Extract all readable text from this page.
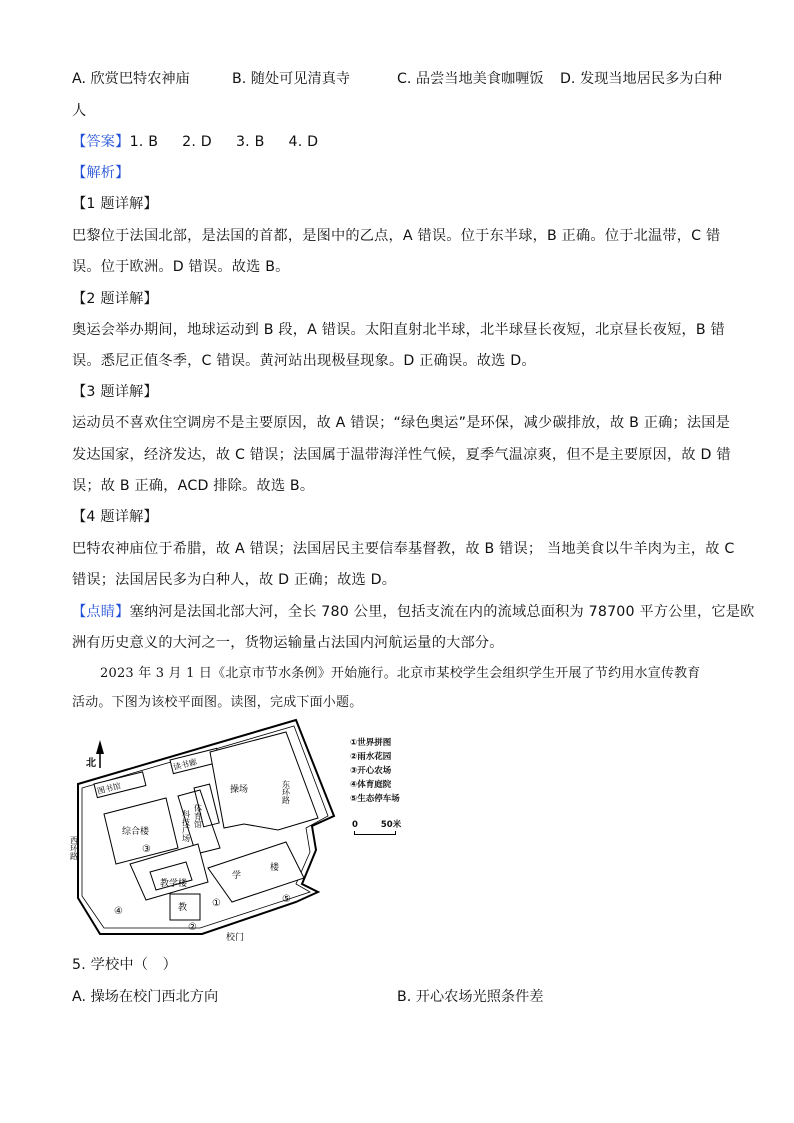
A. 欣赏巴特农神庙	B. 随处可见清真寺	C. 品尝当地美食咖喱饭 D. 发现当地居民多为白种
人
【答案】1. B 2. D 3. B 4. D
【解析】
【1 题详解】
巴黎位于法国北部，是法国的首都，是图中的乙点，A 错误。位于东半球，B 正确。位于北温带，C 错
误。位于欧洲。D 错误。故选 B。
【2 题详解】
奥运会举办期间，地球运动到 B 段，A 错误。太阳直射北半球，北半球昼长夜短，北京昼长夜短，B 错
误。悉尼正值冬季，C 错误。黄河站出现极昼现象。D 正确误。故选 D。
【3 题详解】
运动员不喜欢住空调房不是主要原因，故 A 错误；“绿色奥运”是环保，减少碳排放，故 B 正确；法国是
发达国家，经济发达，故 C 错误；法国属于温带海洋性气候，夏季气温凉爽，但不是主要原因，故 D 错
误；故 B 正确，ACD 排除。故选 B。
【4 题详解】
巴特农神庙位于希腊，故 A 错误；法国居民主要信奉基督教，故 B 错误； 当地美食以牛羊肉为主，故 C
错误；法国居民多为白种人，故 D 正确；故选 D。
【点睛】塞纳河是法国北部大河，全长 780 公里，包括支流在内的流域总面积为 78700 平方公里，它是欧
洲有历史意义的大河之一，货物运输量占法国内河航运量的大部分。
2023 年 3 月 1 日《北京市节水条例》开始施行。北京市某校学生会组织学生开展了节约用水宣传教育
活动。下图为该校平面图。读图，完成下面小题。
北
图书馆
读书廊
综合楼
操场
体育馆
科技广场
教学楼
学
楼
教
东环路
西环路
①
②
③
④
⑤
校门
①世界拼图
②雨水花园
③开心农场
④体育庭院
⑤生态停车场
0	50米
5. 学校中（　）
A. 操场在校门西北方向	B. 开心农场光照条件差
